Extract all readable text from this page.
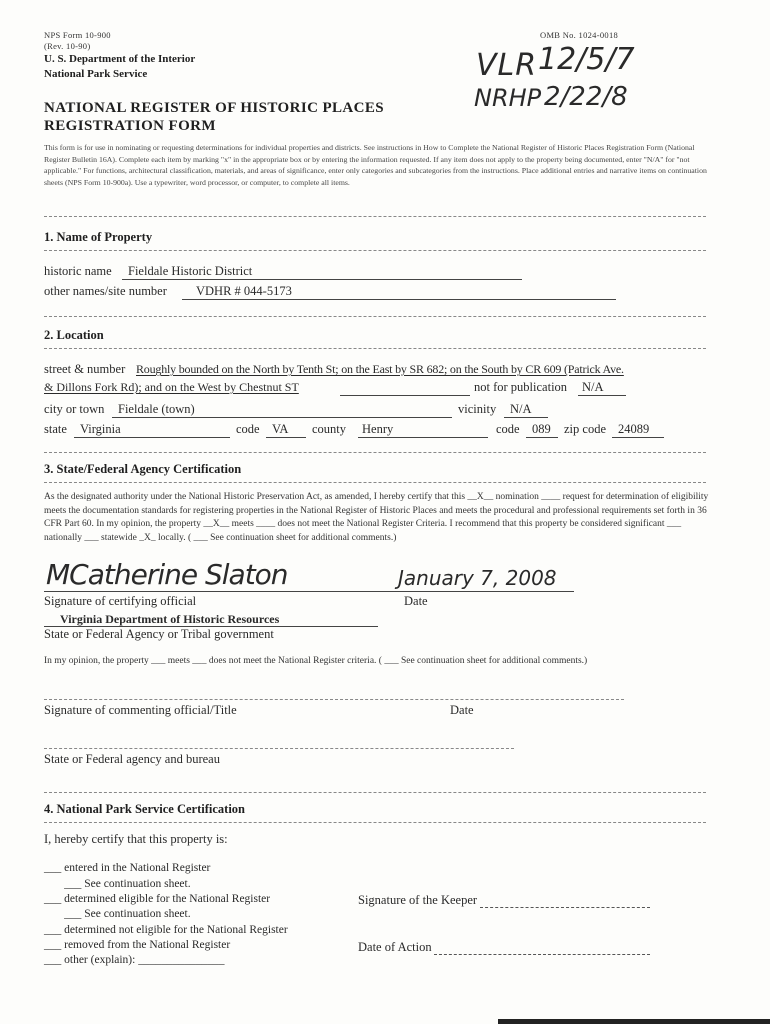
NPS Form 10-900
(Rev. 10-90)
OMB No. 1024-0018
U. S. Department of the Interior
National Park Service	VLR 12/5/7
NRHP 2/22/8
NATIONAL REGISTER OF HISTORIC PLACES
REGISTRATION FORM
This form is for use in nominating or requesting determinations for individual properties and districts. See instructions in How to Complete the National Register of Historic Places Registration Form (National Register Bulletin 16A). Complete each item by marking "x" in the appropriate box or by entering the information requested. If any item does not apply to the property being documented, enter "N/A" for "not applicable." For functions, architectural classification, materials, and areas of significance, enter only categories and subcategories from the instructions. Place additional entries and narrative items on continuation sheets (NPS Form 10-900a). Use a typewriter, word processor, or computer, to complete all items.
1. Name of Property
historic name Fieldale Historic District
other names/site number VDHR # 044-5173
2. Location
street & number Roughly bounded on the North by Tenth St; on the East by SR 682; on the South by CR 609 (Patrick Ave.
& Dillons Fork Rd); and on the West by Chestnut ST	not for publication N/A
city or town Fieldale (town)	vicinity N/A
state Virginia	code VA county Henry	code 089 zip code 24089
3. State/Federal Agency Certification
As the designated authority under the National Historic Preservation Act, as amended, I hereby certify that this __X__ nomination ____ request for determination of eligibility meets the documentation standards for registering properties in the National Register of Historic Places and meets the procedural and professional requirements set forth in 36 CFR Part 60. In my opinion, the property __X__ meets ____ does not meet the National Register Criteria. I recommend that this property be considered significant ___ nationally ___ statewide _X_ locally. ( ___ See continuation sheet for additional comments.)
MCatherine Slaton	January 7, 2008
Signature of certifying official	Date
Virginia Department of Historic Resources
State or Federal Agency or Tribal government
In my opinion, the property ___ meets ___ does not meet the National Register criteria. ( ___ See continuation sheet for additional comments.)
Signature of commenting official/Title	Date
State or Federal agency and bureau
4. National Park Service Certification
I, hereby certify that this property is:
___ entered in the National Register
___ See continuation sheet.
___ determined eligible for the National Register
___ See continuation sheet.
___ determined not eligible for the National Register
___ removed from the National Register
___ other (explain): _______________
Signature of the Keeper
Date of Action
